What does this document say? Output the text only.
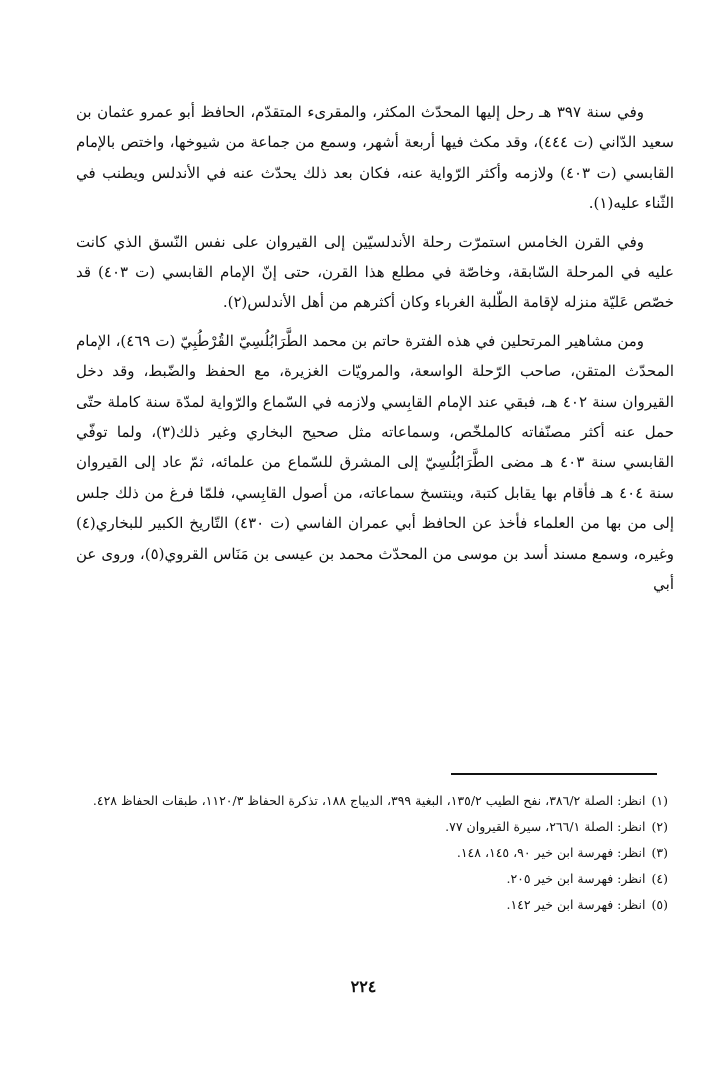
وفي سنة ٣٩٧ هـ رحل إليها المحدّث المكثر، والمقرىء المتقدّم، الحافظ أبو عمرو عثمان بن سعيد الدّاني (ت ٤٤٤)، وقد مكث فيها أربعة أشهر، وسمع من جماعة من شيوخها، واختص بالإمام القابسي (ت ٤٠٣) ولازمه وأكثر الرّواية عنه، فكان بعد ذلك يحدّث عنه في الأندلس ويطنب في الثّناء عليه(١).

وفي القرن الخامس استمرّت رحلة الأندلسيّين إلى القيروان على نفس النّسق الذي كانت عليه في المرحلة السّابقة، وخاصّة في مطلع هذا القرن، حتى إنّ الإمام القابسي (ت ٤٠٣) قد خصّص عَليّة منزله لإقامة الطّلبة الغرباء وكان أكثرهم من أهل الأندلس(٢).

ومن مشاهير المرتحلين في هذه الفترة حاتم بن محمد الطَّرَابُلُسِيّ القُرْطُبِيّ (ت ٤٦٩)، الإمام المحدّث المتقن، صاحب الرّحلة الواسعة، والمرويّات الغزيرة، مع الحفظ والضّبط، وقد دخل القيروان سنة ٤٠٢ هـ، فبقي عند الإمام القابِسي ولازمه في السّماع والرّواية لمدّة سنة كاملة حتّى حمل عنه أكثر مصنّفاته كالملخّص، وسماعاته مثل صحيح البخاري وغير ذلك(٣)، ولما توفّي القابسي سنة ٤٠٣ هـ مضى الطَّرَابُلُسِيّ إلى المشرق للسّماع من علمائه، ثمّ عاد إلى القيروان سنة ٤٠٤ هـ فأقام بها يقابل كتبة، وينتسخ سماعاته، من أصول القابِسي، فلمّا فرغ من ذلك جلس إلى من بها من العلماء فأخذ عن الحافظ أبي عمران الفاسي (ت ٤٣٠) التّاريخ الكبير للبخاري(٤) وغيره، وسمع مسند أسد بن موسى من المحدّث محمد بن عيسى بن مَنَاس القروي(٥)، وروى عن أبي

(١)انظر: الصلة ٣٨٦/٢، نفح الطيب ١٣٥/٢، البغية ٣٩٩، الديباج ١٨٨، تذكرة الحفاظ ١١٢٠/٣، طبقات الحفاظ ٤٢٨.
(٢)انظر: الصلة ٢٦٦/١، سيرة القيروان ٧٧.
(٣)انظر: فهرسة ابن خير ٩٠، ١٤٥، ١٤٨.
(٤)انظر: فهرسة ابن خير ٢٠٥.
(٥)انظر: فهرسة ابن خير ١٤٢.
٢٢٤
